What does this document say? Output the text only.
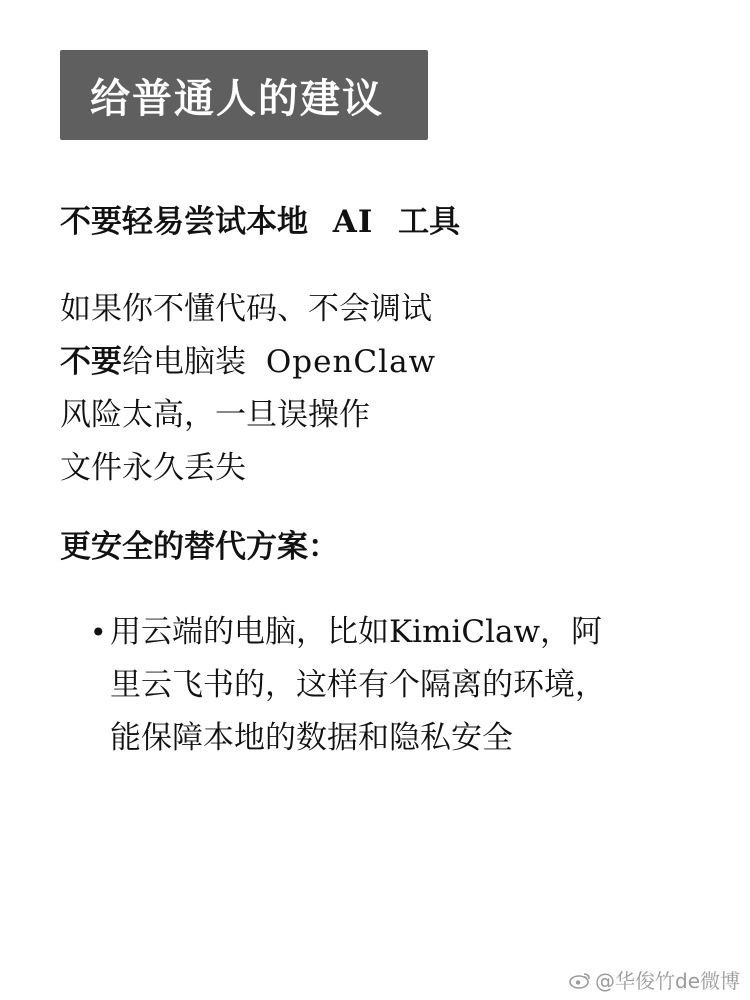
给普通人的建议
不要轻易尝试本地 AI 工具
如果你不懂代码、不会调试
不要给电脑装 OpenClaw
风险太高，一旦误操作
文件永久丢失
更安全的替代方案：
• 用云端的电脑，比如KimiClaw，阿
里云飞书的，这样有个隔离的环境，
能保障本地的数据和隐私安全
@华俊竹de微博
